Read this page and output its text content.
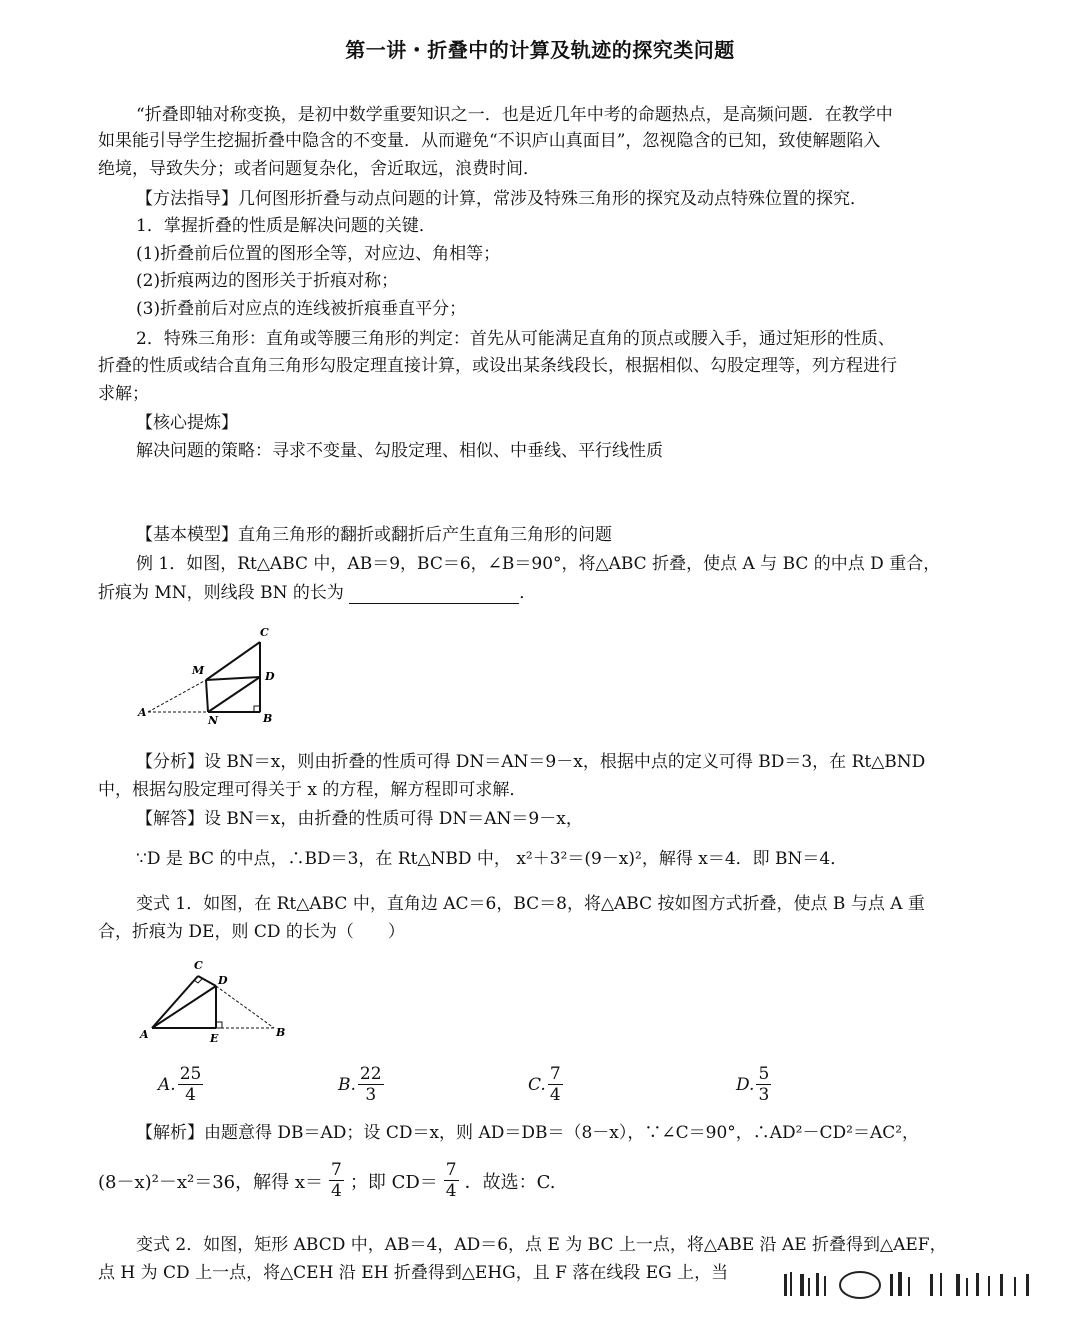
第一讲・折叠中的计算及轨迹的探究类问题
“折叠即轴对称变换，是初中数学重要知识之一．也是近几年中考的命题热点，是高频问题．在教学中
如果能引导学生挖掘折叠中隐含的不变量．从而避免“不识庐山真面目”，忽视隐含的已知，致使解题陷入
绝境，导致失分；或者问题复杂化，舍近取远，浪费时间．
【方法指导】几何图形折叠与动点问题的计算，常涉及特殊三角形的探究及动点特殊位置的探究．
1．掌握折叠的性质是解决问题的关键．
(1)折叠前后位置的图形全等，对应边、角相等；
(2)折痕两边的图形关于折痕对称；
(3)折叠前后对应点的连线被折痕垂直平分；
2．特殊三角形：直角或等腰三角形的判定：首先从可能满足直角的顶点或腰入手，通过矩形的性质、
折叠的性质或结合直角三角形勾股定理直接计算，或设出某条线段长，根据相似、勾股定理等，列方程进行
求解；
【核心提炼】
解决问题的策略：寻求不变量、勾股定理、相似、中垂线、平行线性质
【基本模型】直角三角形的翻折或翻折后产生直角三角形的问题
例 1．如图，Rt△ABC 中，AB＝9，BC＝6，∠B＝90°，将△ABC 折叠，使点 A 与 BC 的中点 D 重合，
折痕为 MN，则线段 BN 的长为	．
A	B
C
D
M
N
【分析】设 BN＝x，则由折叠的性质可得 DN＝AN＝9－x，根据中点的定义可得 BD＝3，在 Rt△BND
中，根据勾股定理可得关于 x 的方程，解方程即可求解．
【解答】设 BN＝x，由折叠的性质可得 DN＝AN＝9－x，
∵D 是 BC 的中点，∴BD＝3，在 Rt△NBD 中， x²＋3²＝(9－x)²，解得 x＝4．即 BN＝4．
变式 1．如图，在 Rt△ABC 中，直角边 AC＝6，BC＝8，将△ABC 按如图方式折叠，使点 B 与点 A 重
合，折痕为 DE，则 CD 的长为（　　）
A	B
C
D
E
A. $\frac{25}{4}$	B. $\frac{22}{3}$	C. $\frac{7}{4}$	D. $\frac{5}{3}$
【解析】由题意得 DB＝AD；设 CD＝x，则 AD＝DB＝（8－x），∵∠C＝90°，∴AD²－CD²＝AC²，
(8－x)²－x²＝36，解得 $x= \frac{7}{4}$ ；即 $CD= \frac{7}{4}$ ．故选：C.
变式 2．如图，矩形 ABCD 中，AB＝4，AD＝6，点 E 为 BC 上一点，将△ABE 沿 AE 折叠得到△AEF，
点 H 为 CD 上一点，将△CEH 沿 EH 折叠得到△EHG，且 F 落在线段 EG 上，当
